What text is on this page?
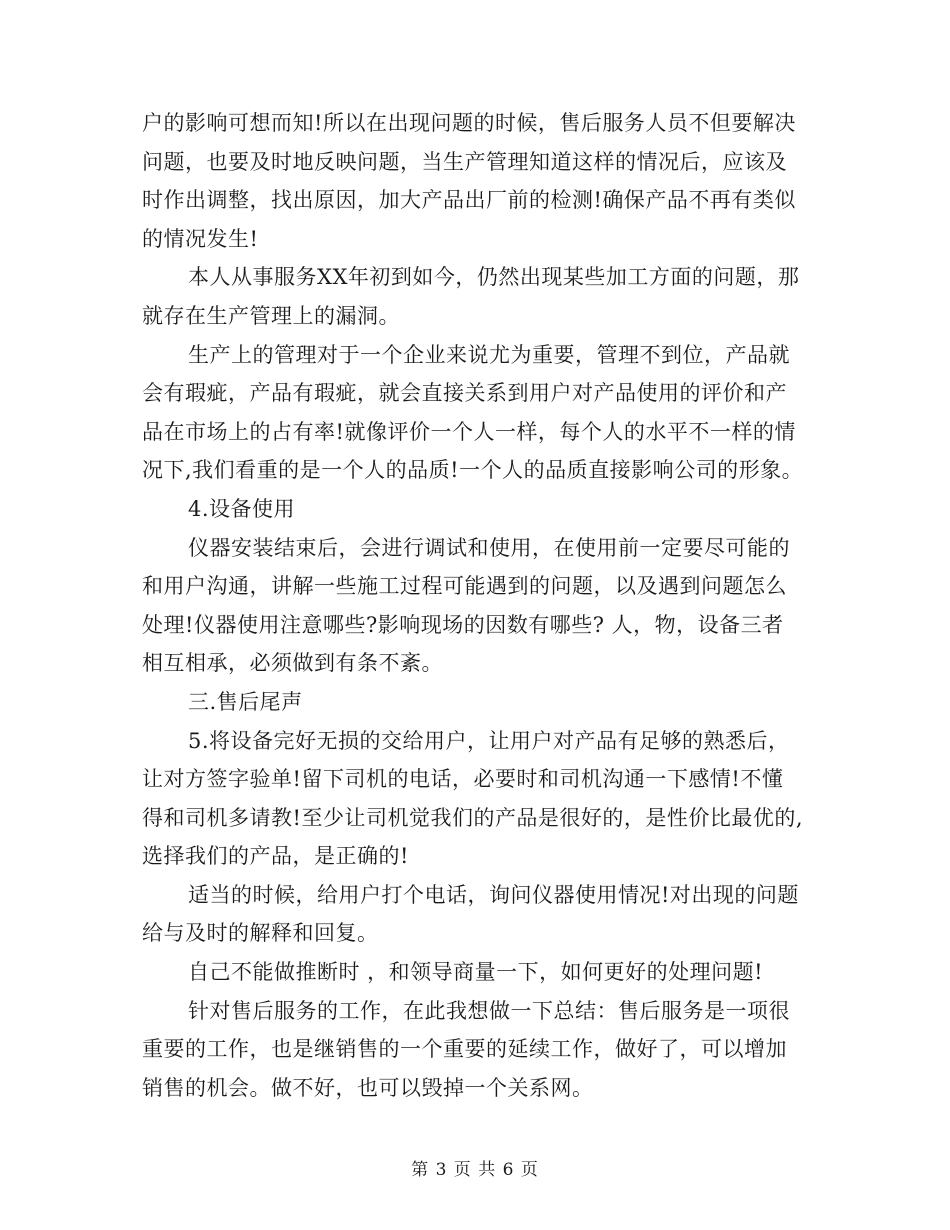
户的影响可想而知!所以在出现问题的时候，售后服务人员不但要解决
问题，也要及时地反映问题，当生产管理知道这样的情况后，应该及
时作出调整，找出原因，加大产品出厂前的检测!确保产品不再有类似
的情况发生!
本人从事服务XX年初到如今，仍然出现某些加工方面的问题，那
就存在生产管理上的漏洞。
生产上的管理对于一个企业来说尤为重要，管理不到位，产品就
会有瑕疵，产品有瑕疵，就会直接关系到用户对产品使用的评价和产
品在市场上的占有率!就像评价一个人一样，每个人的水平不一样的情
况下,我们看重的是一个人的品质!一个人的品质直接影响公司的形象。
4.设备使用
仪器安装结束后，会进行调试和使用，在使用前一定要尽可能的
和用户沟通，讲解一些施工过程可能遇到的问题，以及遇到问题怎么
处理!仪器使用注意哪些?影响现场的因数有哪些? 人，物，设备三者
相互相承，必须做到有条不紊。
三.售后尾声
5.将设备完好无损的交给用户，让用户对产品有足够的熟悉后，
让对方签字验单!留下司机的电话，必要时和司机沟通一下感情!不懂
得和司机多请教!至少让司机觉我们的产品是很好的，是性价比最优的,
选择我们的产品，是正确的!
适当的时候，给用户打个电话，询问仪器使用情况!对出现的问题
给与及时的解释和回复。
自己不能做推断时 ，和领导商量一下，如何更好的处理问题!
针对售后服务的工作，在此我想做一下总结：售后服务是一项很
重要的工作，也是继销售的一个重要的延续工作，做好了，可以增加
销售的机会。做不好，也可以毁掉一个关系网。
第 3 页 共 6 页
